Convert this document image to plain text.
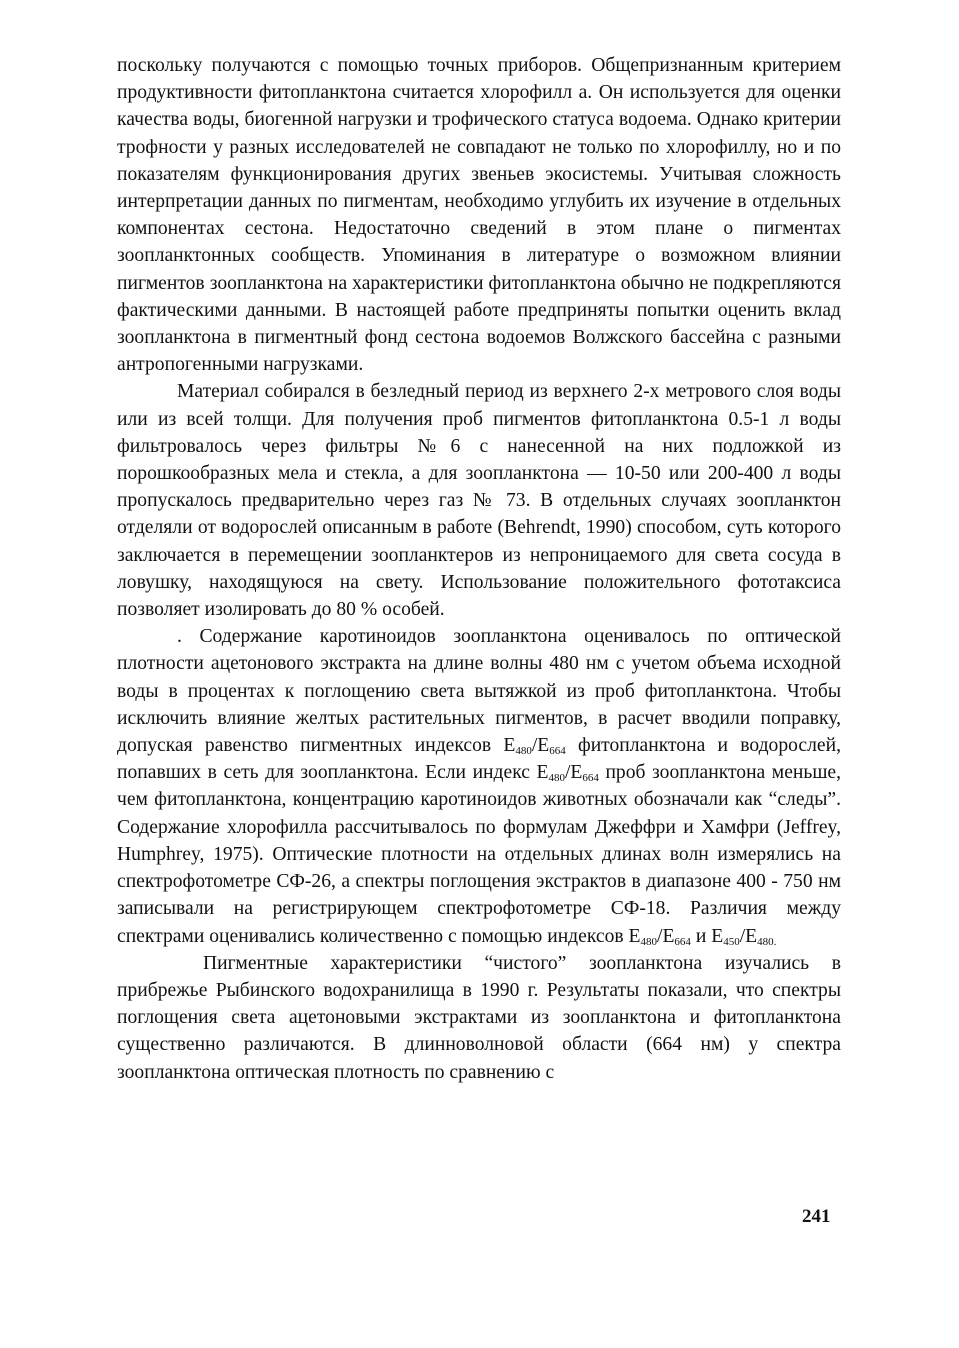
поскольку получаются с помощью точных приборов. Общепризнанным критерием продуктивности фитопланктона считается хлорофилл а. Он используется для оценки качества воды, биогенной нагрузки и трофического статуса водоема. Однако критерии трофности у разных исследователей не совпадают не только по хлорофиллу, но и по показателям функционирования других звеньев экосистемы. Учитывая сложность интерпретации данных по пигментам, необходимо углубить их изучение в отдельных компонентах сестона. Недостаточно сведений в этом плане о пигментах зоопланктонных сообществ. Упоминания в литературе о возможном влиянии пигментов зоопланктона на характеристики фитопланктона обычно не подкрепляются фактическими данными. В настоящей работе предприняты попытки оценить вклад зоопланктона в пигментный фонд сестона водоемов Волжского бассейна с разными антропогенными нагрузками.

Материал собирался в безледный период из верхнего 2-х метрового слоя воды или из всей толщи. Для получения проб пигментов фитопланктона 0.5-1 л воды фильтровалось через фильтры №6 с нанесенной на них подложкой из порошкообразных мела и стекла, а для зоопланктона — 10-50 или 200-400 л воды пропускалось предварительно через газ № 73. В отдельных случаях зоопланктон отделяли от водорослей описанным в работе (Behrendt, 1990) способом, суть которого заключается в перемещении зоопланктеров из непроницаемого для света сосуда в ловушку, находящуюся на свету. Использование положительного фототаксиса позволяет изолировать до 80 % особей.

. Содержание каротиноидов зоопланктона оценивалось по оптической плотности ацетонового экстракта на длине волны 480 нм с учетом объема исходной воды в процентах к поглощению света вытяжкой из проб фитопланктона. Чтобы исключить влияние желтых растительных пигментов, в расчет вводили поправку, допуская равенство пигментных индексов $E_{480}/E_{664}$ фитопланктона и водорослей, попавших в сеть для зоопланктона. Если индекс $E_{480}/E_{664}$ проб зоопланктона меньше, чем фитопланктона, концентрацию каротиноидов животных обозначали как “следы”. Содержание хлорофилла рассчитывалось по формулам Джеффри и Хамфри (Jeffrey, Humphrey, 1975). Оптические плотности на отдельных длинах волн измерялись на спектрофотометре СФ-26, а спектры поглощения экстрактов в диапазоне 400 - 750 нм записывали на регистрирующем спектрофотометре СФ-18. Различия между спектрами оценивались количественно с помощью индексов $E_{480}/E_{664}$ и $E_{450}/E_{480.}$

Пигментные характеристики “чистого” зоопланктона изучались в прибрежье Рыбинского водохранилища в 1990 г. Результаты показали, что спектры поглощения света ацетоновыми экстрактами из зоопланктона и фитопланктона существенно различаются. В длинноволновой области (664 нм) у спектра зоопланктона оптическая плотность по сравнению с

241
